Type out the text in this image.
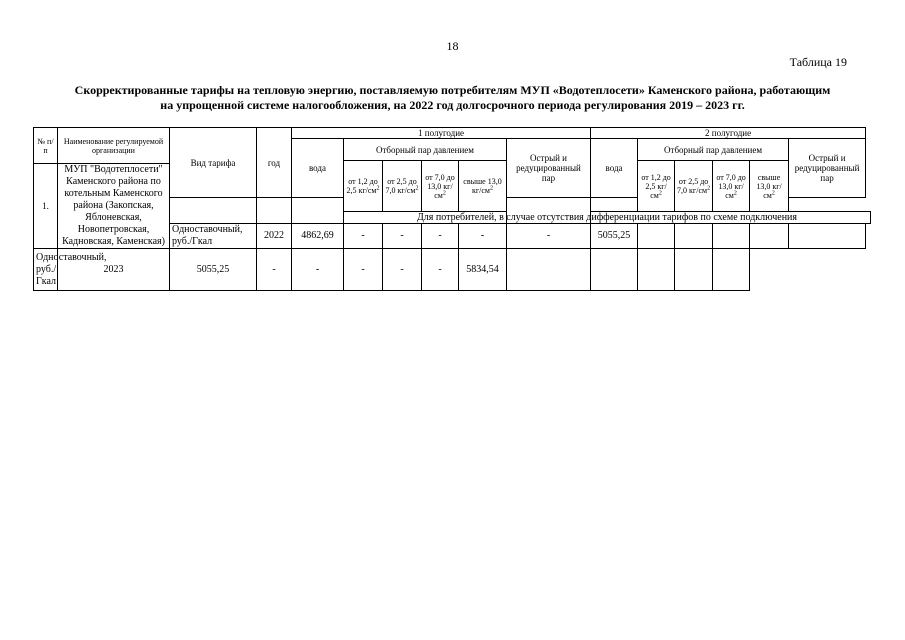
18
Таблица 19
Скорректированные тарифы на тепловую энергию, поставляемую потребителям МУП «Водотеплосети» Каменского района, работающим
на упрощенной системе налогообложения, на 2022 год долгосрочного периода регулирования 2019 – 2023 гг.
№ п/п	Наименование регулируемой организации	Вид тарифа	год	1 полугодие						2 полугодие					
				вода	Отборный пар давлением				Острый и редуцированный пар	вода	Отборный пар давлением				Острый и редуцированный пар
					от 1,2 до 2,5 $кг/см^2$	от 2,5 до 7,0 $кг/см^2$	от 7,0 до 13,0 $кг/см^2$	свыше 13,0 $кг/см^2$			от 1,2 до 2,5 $кг/см^2$	от 2,5 до 7,0 $кг/см^2$	от 7,0 до 13,0 $кг/см^2$	свыше 13,0 $кг/см^2$
1.	МУП "Водотеплосети" Каменского района по котельным Каменского района (Закопская, Яблоневская, Новопетровская, Кадновская, Каменская)														

					Для потребителей, в случае отсутствия дифференциации тарифов по схеме подключения										
		Одноставочный, руб./Гкал	2022	4862,69	-	-	-	-	-	5055,25					
Одноставочный, руб./Гкал	2023	5055,25	-	-	-	-	-	5834,54							
